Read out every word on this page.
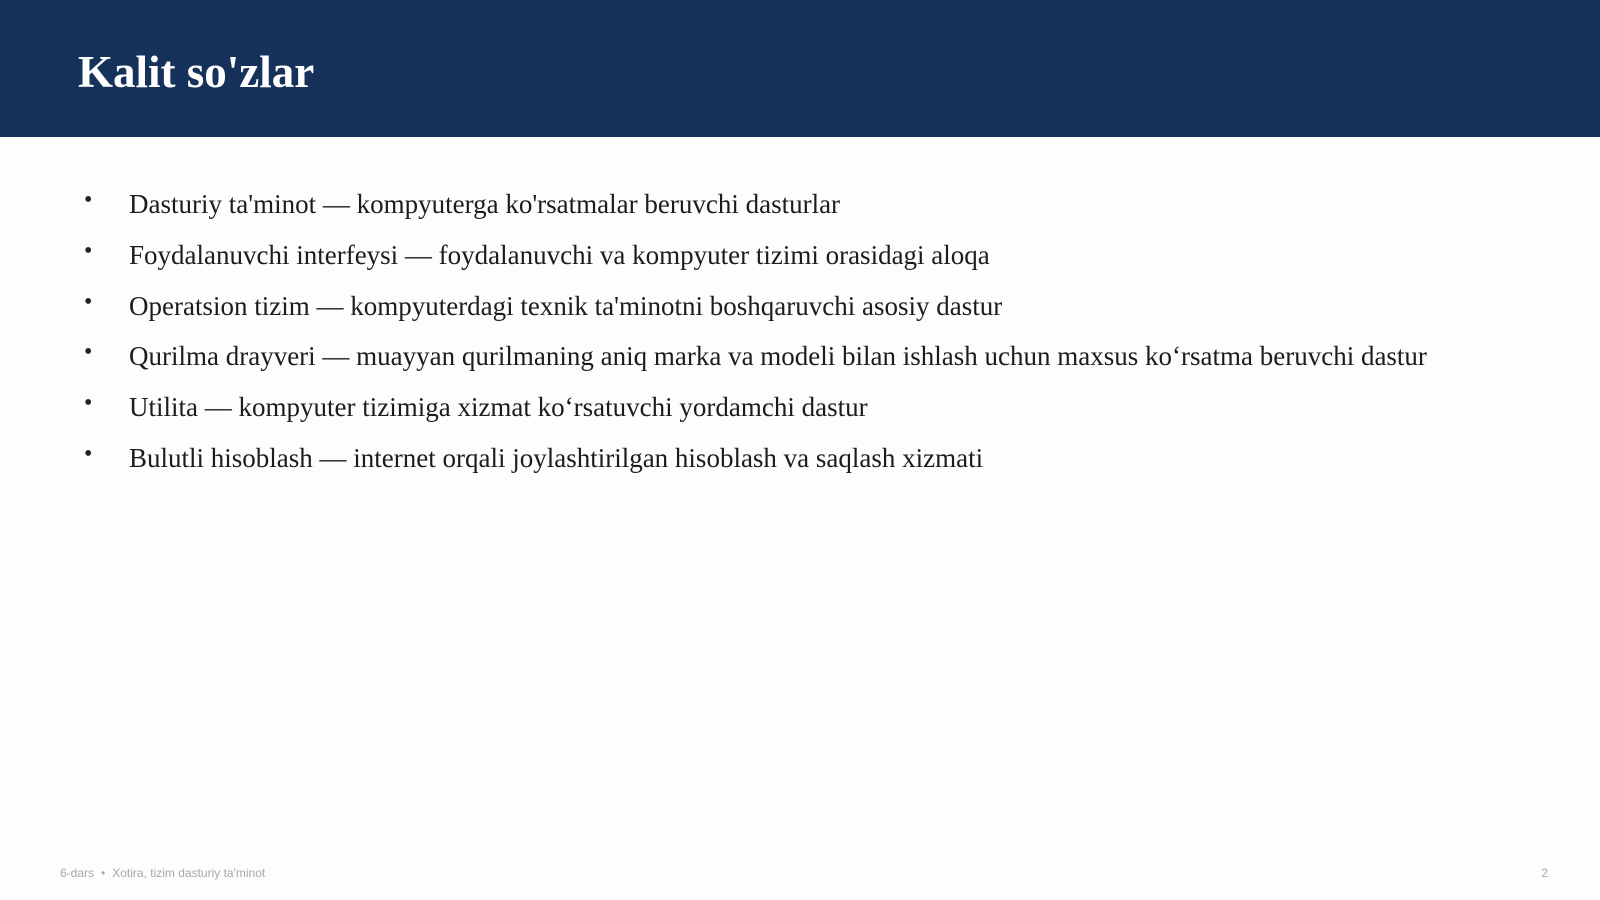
Kalit so'zlar
• Dasturiy ta'minot — kompyuterga ko'rsatmalar beruvchi dasturlar
• Foydalanuvchi interfeysi — foydalanuvchi va kompyuter tizimi orasidagi aloqa
• Operatsion tizim — kompyuterdagi texnik ta'minotni boshqaruvchi asosiy dastur
• Qurilma drayveri — muayyan qurilmaning aniq marka va modeli bilan ishlash uchun maxsus ko‘rsatma beruvchi dastur
• Utilita — kompyuter tizimiga xizmat ko‘rsatuvchi yordamchi dastur
• Bulutli hisoblash — internet orqali joylashtirilgan hisoblash va saqlash xizmati
6-dars • Xotira, tizim dasturiy ta'minot	2
